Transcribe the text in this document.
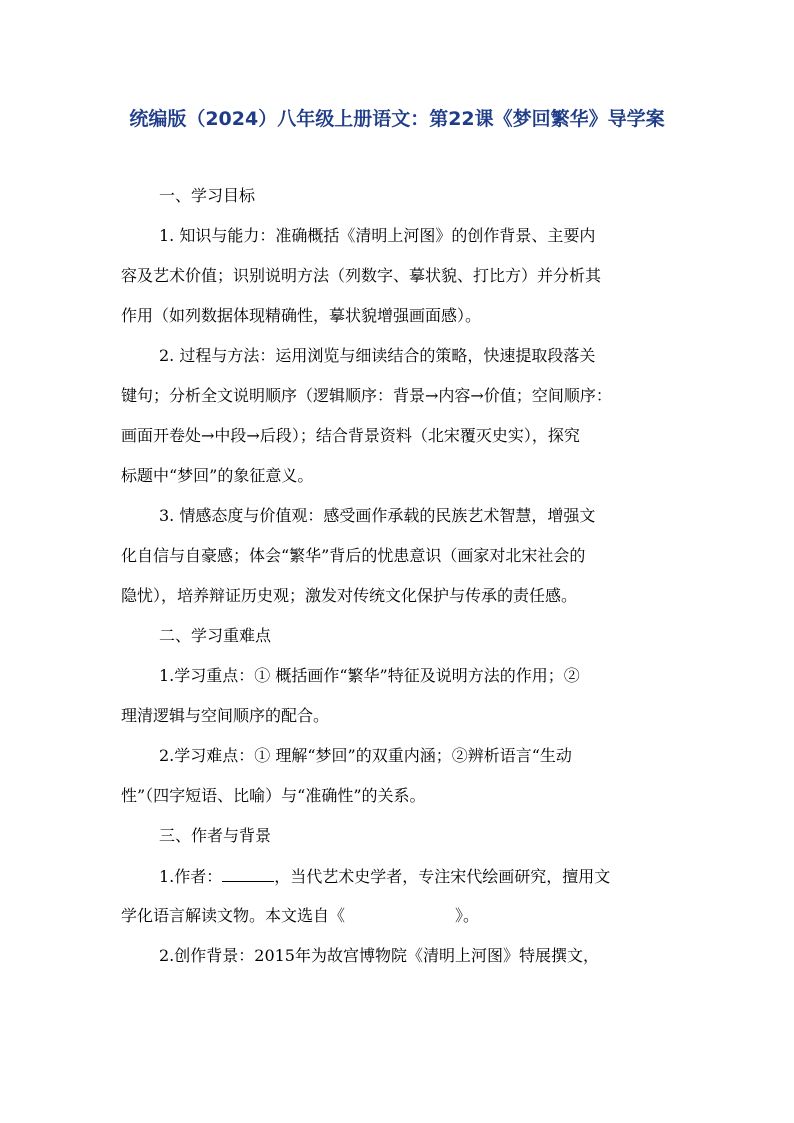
统编版（2024）八年级上册语文：第22课《梦回繁华》导学案
一、学习目标
1. 知识与能力：准确概括《清明上河图》的创作背景、主要内
容及艺术价值；识别说明方法（列数字、摹状貌、打比方）并分析其
作用（如列数据体现精确性，摹状貌增强画面感）。
2. 过程与方法：运用浏览与细读结合的策略，快速提取段落关
键句；分析全文说明顺序（逻辑顺序：背景→内容→价值；空间顺序：
画面开卷处→中段→后段）；结合背景资料（北宋覆灭史实），探究
标题中“梦回”的象征意义。
3. 情感态度与价值观：感受画作承载的民族艺术智慧，增强文
化自信与自豪感；体会“繁华”背后的忧患意识（画家对北宋社会的
隐忧），培养辩证历史观；激发对传统文化保护与传承的责任感。
二、学习重难点
1.学习重点：① 概括画作“繁华”特征及说明方法的作用；②
理清逻辑与空间顺序的配合。
2.学习难点：① 理解“梦回”的双重内涵；②辨析语言“生动
性”（四字短语、比喻）与“准确性”的关系。
三、作者与背景
1.作者：	，当代艺术史学者，专注宋代绘画研究，擅用文
学化语言解读文物。本文选自《	》。
2.创作背景：2015年为故宫博物院《清明上河图》特展撰文，
